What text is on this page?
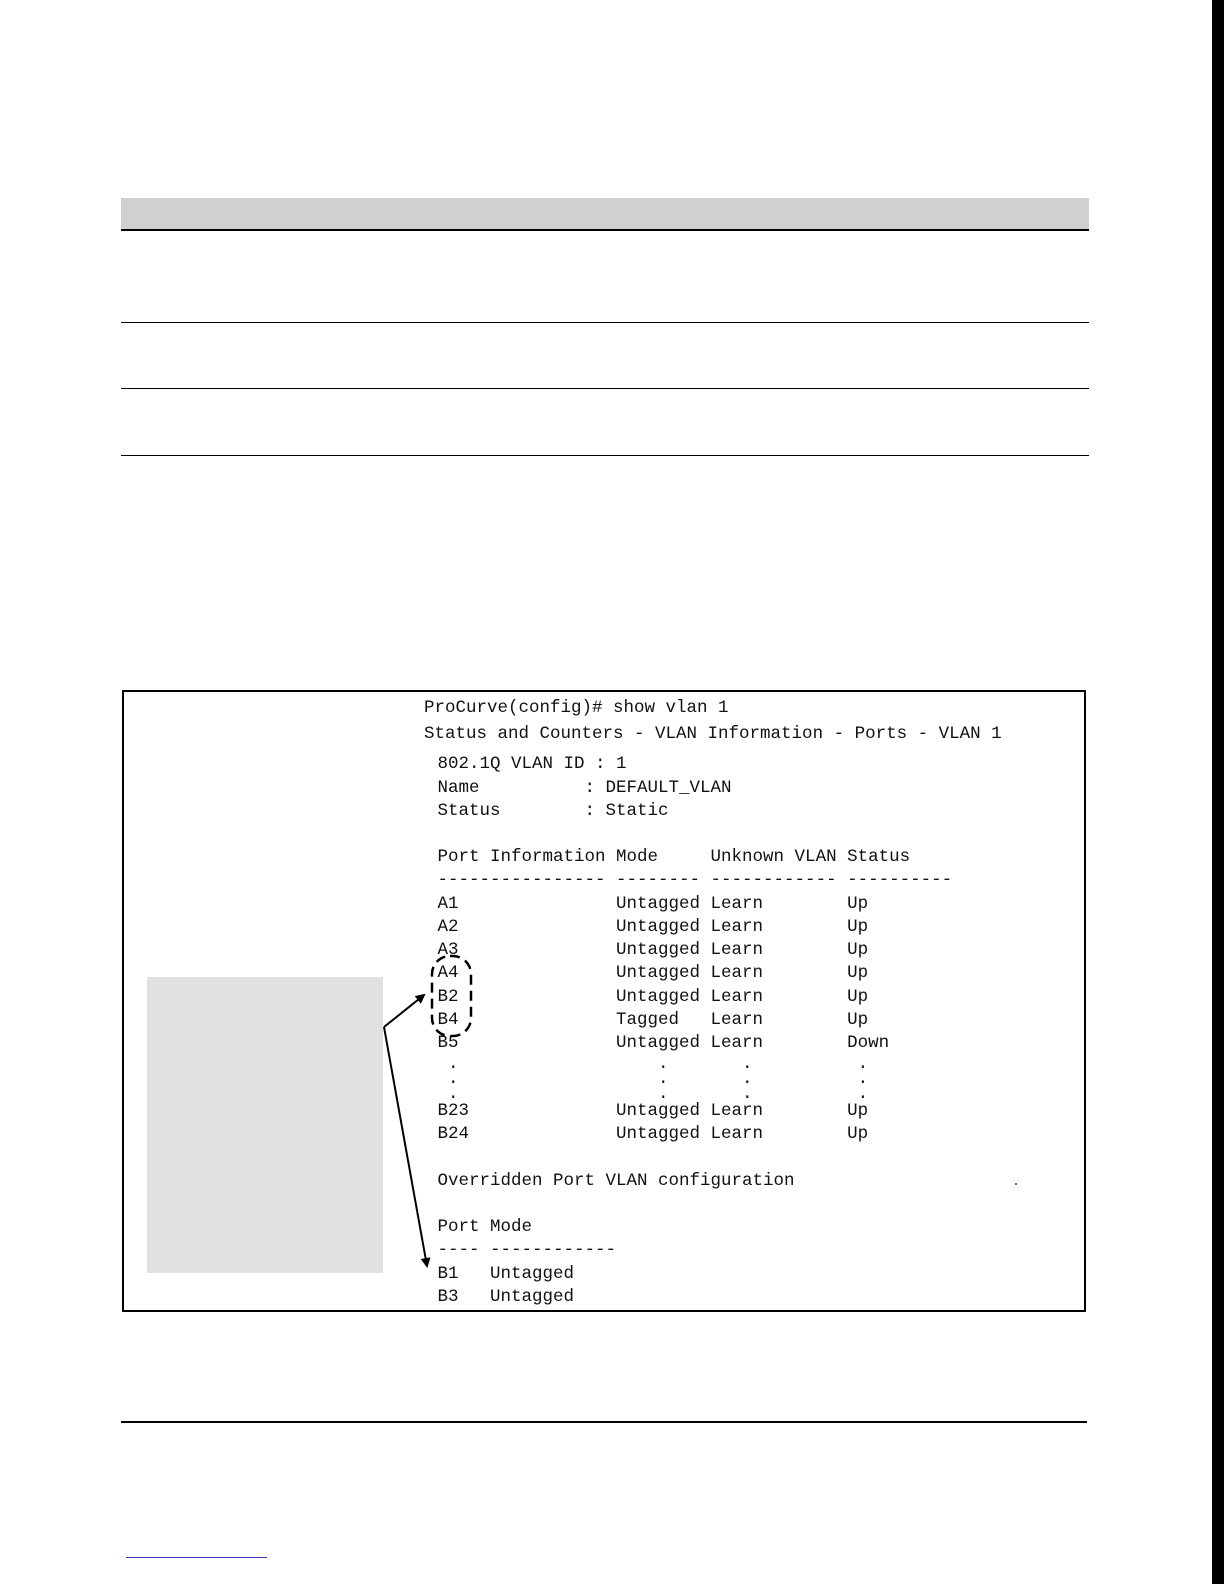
ProCurve(config)# show vlan 1
Status and Counters - VLAN Information - Ports - VLAN 1
802.1Q VLAN ID : 1
Name          : DEFAULT_VLAN
Status        : Static
Port Information Mode     Unknown VLAN Status
---------------- -------- ------------ ----------
A1               Untagged Learn        Up
A2               Untagged Learn        Up
A3               Untagged Learn        Up
A4               Untagged Learn        Up
B2               Untagged Learn        Up
B4               Tagged   Learn        Up
B5               Untagged Learn        Down
.                   .       .          .
.                   .       .          .
.                   .       .          .
B23              Untagged Learn        Up
B24              Untagged Learn        Up
Overridden Port VLAN configuration
Port Mode
---- ------------
B1   Untagged
B3   Untagged
